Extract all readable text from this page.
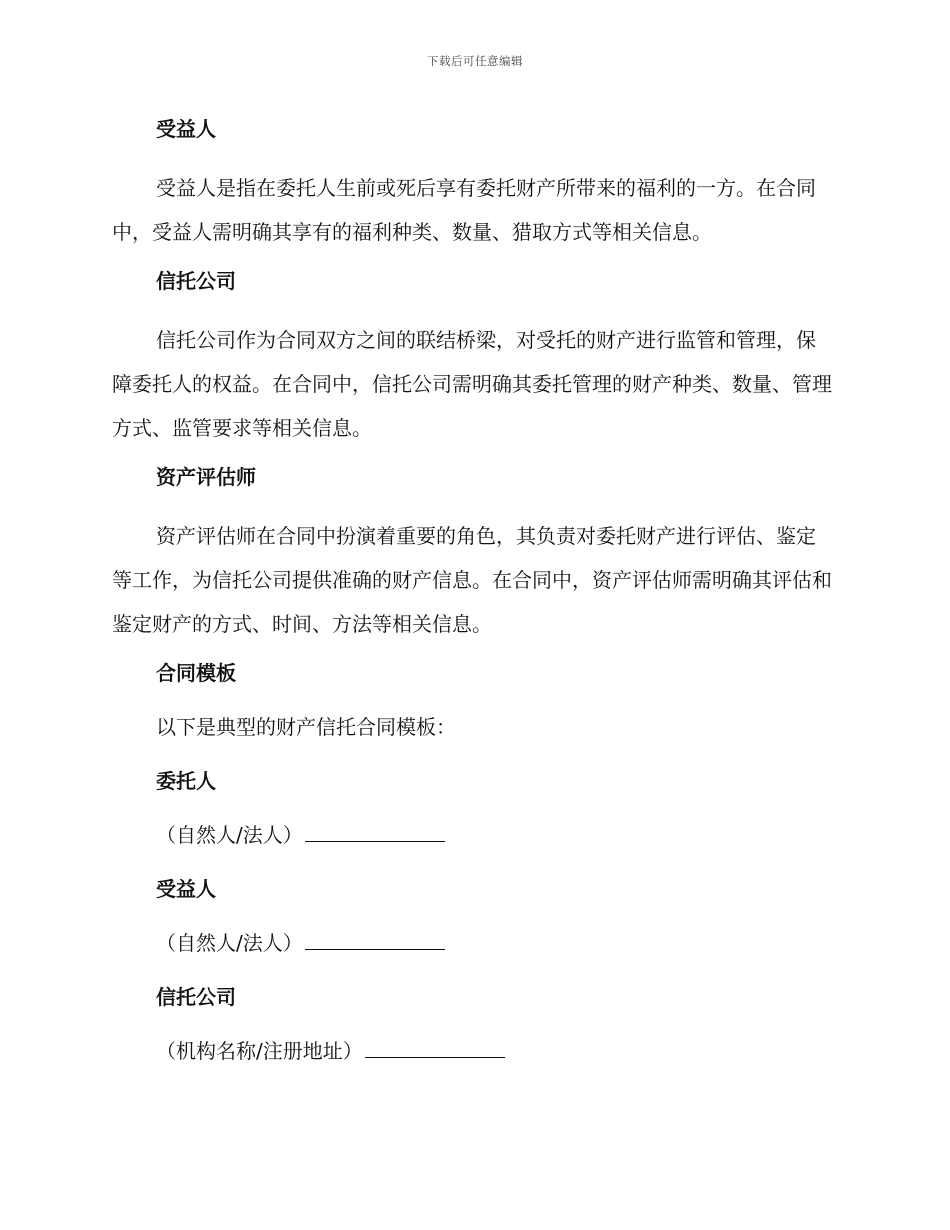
下载后可任意编辑
受益人
受益人是指在委托人生前或死后享有委托财产所带来的福利的一方。在合同中，受益人需明确其享有的福利种类、数量、猎取方式等相关信息。
信托公司
信托公司作为合同双方之间的联结桥梁，对受托的财产进行监管和管理，保障委托人的权益。在合同中，信托公司需明确其委托管理的财产种类、数量、管理方式、监管要求等相关信息。
资产评估师
资产评估师在合同中扮演着重要的角色，其负责对委托财产进行评估、鉴定等工作，为信托公司提供准确的财产信息。在合同中，资产评估师需明确其评估和鉴定财产的方式、时间、方法等相关信息。
合同模板
以下是典型的财产信托合同模板：
委托人
（自然人/法人）
受益人
（自然人/法人）
信托公司
（机构名称/注册地址）
